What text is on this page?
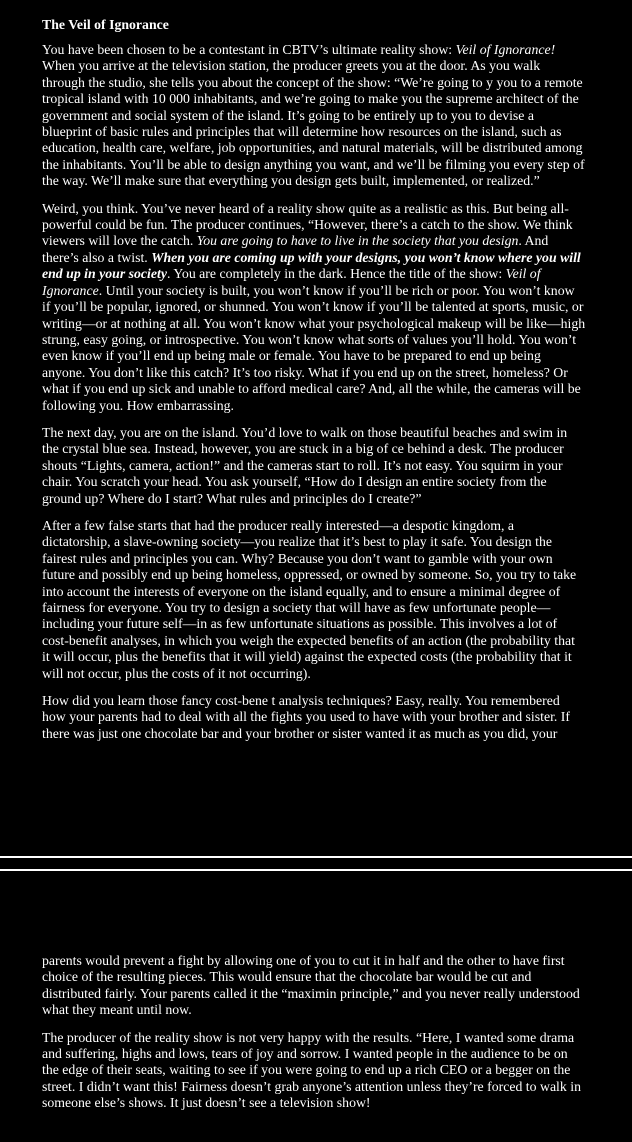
The Veil of Ignorance

You have been chosen to be a contestant in CBTV’s ultimate reality show: Veil of Ignorance! When you arrive at the television station, the producer greets you at the door. As you walk through the studio, she tells you about the concept of the show: “We’re going to y you to a remote tropical island with 10 000 inhabitants, and we’re going to make you the supreme architect of the government and social system of the island. It’s going to be entirely up to you to devise a blueprint of basic rules and principles that will determine how resources on the island, such as education, health care, welfare, job opportunities, and natural materials, will be distributed among the inhabitants. You’ll be able to design anything you want, and we’ll be filming you every step of the way. We’ll make sure that everything you design gets built, implemented, or realized.”

Weird, you think. You’ve never heard of a reality show quite as a realistic as this. But being all-powerful could be fun. The producer continues, “However, there’s a catch to the show. We think viewers will love the catch. You are going to have to live in the society that you design. And there’s also a twist. When you are coming up with your designs, you won’t know where you will end up in your society. You are completely in the dark. Hence the title of the show: Veil of Ignorance. Until your society is built, you won’t know if you’ll be rich or poor. You won’t know if you’ll be popular, ignored, or shunned. You won’t know if you’ll be talented at sports, music, or writing—or at nothing at all. You won’t know what your psychological makeup will be like—high strung, easy going, or introspective. You won’t know what sorts of values you’ll hold. You won’t even know if you’ll end up being male or female. You have to be prepared to end up being anyone. You don’t like this catch? It’s too risky. What if you end up on the street, homeless? Or what if you end up sick and unable to afford medical care? And, all the while, the cameras will be following you. How embarrassing.

The next day, you are on the island. You’d love to walk on those beautiful beaches and swim in the crystal blue sea. Instead, however, you are stuck in a big of ce behind a desk. The producer shouts “Lights, camera, action!” and the cameras start to roll. It’s not easy. You squirm in your chair. You scratch your head. You ask yourself, “How do I design an entire society from the ground up? Where do I start? What rules and principles do I create?”

After a few false starts that had the producer really interested—a despotic kingdom, a dictatorship, a slave-owning society—you realize that it’s best to play it safe. You design the fairest rules and principles you can. Why? Because you don’t want to gamble with your own future and possibly end up being homeless, oppressed, or owned by someone. So, you try to take into account the interests of everyone on the island equally, and to ensure a minimal degree of fairness for everyone. You try to design a society that will have as few unfortunate people—including your future self—in as few unfortunate situations as possible. This involves a lot of cost-benefit analyses, in which you weigh the expected benefits of an action (the probability that it will occur, plus the benefits that it will yield) against the expected costs (the probability that it will not occur, plus the costs of it not occurring).

How did you learn those fancy cost-bene t analysis techniques? Easy, really. You remembered how your parents had to deal with all the fights you used to have with your brother and sister. If there was just one chocolate bar and your brother or sister wanted it as much as you did, your

parents would prevent a fight by allowing one of you to cut it in half and the other to have first choice of the resulting pieces. This would ensure that the chocolate bar would be cut and distributed fairly. Your parents called it the “maximin principle,” and you never really understood what they meant until now.

The producer of the reality show is not very happy with the results. “Here, I wanted some drama and suffering, highs and lows, tears of joy and sorrow. I wanted people in the audience to be on the edge of their seats, waiting to see if you were going to end up a rich CEO or a begger on the street. I didn’t want this! Fairness doesn’t grab anyone’s attention unless they’re forced to walk in someone else’s shows. It just doesn’t see a television show!
